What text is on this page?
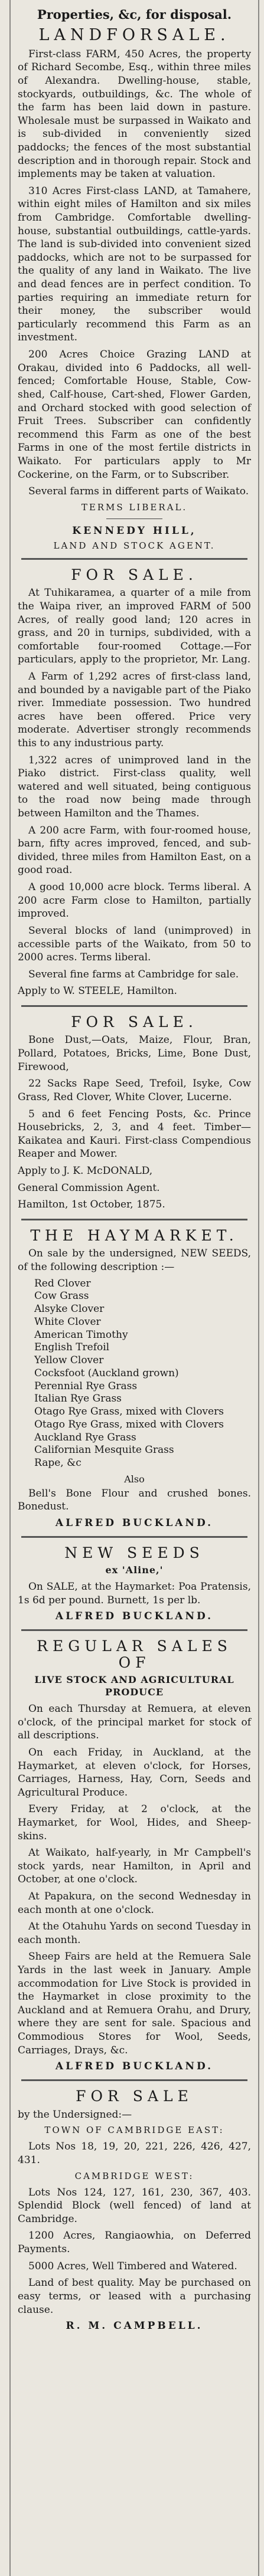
Properties, &c, for disposal.
LANDFORSALE.

First-class FARM, 450 Acres, the property of Richard Secombe, Esq., within three miles of Alexandra. Dwelling-house, stable, stockyards, outbuildings, &c. The whole of the farm has been laid down in pasture. Wholesale must be surpassed in Waikato and is sub-divided in conveniently sized paddocks; the fences of the most substantial description and in thorough repair. Stock and implements may be taken at valuation.

310 Acres First-class LAND, at Tamahere, within eight miles of Hamilton and six miles from Cambridge. Comfortable dwelling-house, substantial outbuildings, cattle-yards. The land is sub-divided into convenient sized paddocks, which are not to be surpassed for the quality of any land in Waikato. The live and dead fences are in perfect condition. To parties requiring an immediate return for their money, the subscriber would particularly recommend this Farm as an investment.

200 Acres Choice Grazing LAND at Orakau, divided into 6 Paddocks, all well-fenced; Comfortable House, Stable, Cow-shed, Calf-house, Cart-shed, Flower Garden, and Orchard stocked with good selection of Fruit Trees. Subscriber can confidently recommend this Farm as one of the best Farms in one of the most fertile districts in Waikato. For particulars apply to Mr Cockerine, on the Farm, or to Subscriber.

Several farms in different parts of Waikato.

TERMS LIBERAL.
KENNEDY HILL,
LAND AND STOCK AGENT.
FOR SALE.

At Tuhikaramea, a quarter of a mile from the Waipa river, an improved FARM of 500 Acres, of really good land; 120 acres in grass, and 20 in turnips, subdivided, with a comfortable four-roomed Cottage.—For particulars, apply to the proprietor, Mr. Lang.

A Farm of 1,292 acres of first-class land, and bounded by a navigable part of the Piako river. Immediate possession. Two hundred acres have been offered. Price very moderate. Advertiser strongly recommends this to any industrious party.

1,322 acres of unimproved land in the Piako district. First-class quality, well watered and well situated, being contiguous to the road now being made through between Hamilton and the Thames.

A 200 acre Farm, with four-roomed house, barn, fifty acres improved, fenced, and sub-divided, three miles from Hamilton East, on a good road.

A good 10,000 acre block. Terms liberal. A 200 acre Farm close to Hamilton, partially improved.

Several blocks of land (unimproved) in accessible parts of the Waikato, from 50 to 2000 acres. Terms liberal.

Several fine farms at Cambridge for sale.

Apply to W. STEELE, Hamilton.

FOR SALE.

Bone Dust,—Oats, Maize, Flour, Bran, Pollard, Potatoes, Bricks, Lime, Bone Dust, Firewood,

22 Sacks Rape Seed, Trefoil, Isyke, Cow Grass, Red Clover, White Clover, Lucerne.

5 and 6 feet Fencing Posts, &c. Prince Housebricks, 2, 3, and 4 feet. Timber—Kaikatea and Kauri. First-class Compendious Reaper and Mower.

Apply to J. K. McDONALD,

General Commission Agent.

Hamilton, 1st October, 1875.

THE HAYMARKET.

On sale by the undersigned, NEW SEEDS, of the following description :—

Red Clover
Cow Grass
Alsyke Clover
White Clover
American Timothy
English Trefoil
Yellow Clover
Cocksfoot (Auckland grown)
Perennial Rye Grass
Italian Rye Grass
Otago Rye Grass, mixed with Clovers
Otago Rye Grass, mixed with Clovers
Auckland Rye Grass
Californian Mesquite Grass
Rape, &c
Also

Bell's Bone Flour and crushed bones. Bonedust.

ALFRED BUCKLAND.
NEW SEEDS
ex 'Aline,'

On SALE, at the Haymarket: Poa Pratensis, 1s 6d per pound. Burnett, 1s per lb.

ALFRED BUCKLAND.
REGULAR SALES OF
LIVE STOCK AND AGRICULTURAL PRODUCE

On each Thursday at Remuera, at eleven o'clock, of the principal market for stock of all descriptions.

On each Friday, in Auckland, at the Haymarket, at eleven o'clock, for Horses, Carriages, Harness, Hay, Corn, Seeds and Agricultural Produce.

Every Friday, at 2 o'clock, at the Haymarket, for Wool, Hides, and Sheep-skins.

At Waikato, half-yearly, in Mr Campbell's stock yards, near Hamilton, in April and October, at one o'clock.

At Papakura, on the second Wednesday in each month at one o'clock.

At the Otahuhu Yards on second Tuesday in each month.

Sheep Fairs are held at the Remuera Sale Yards in the last week in January. Ample accommodation for Live Stock is provided in the Haymarket in close proximity to the Auckland and at Remuera Orahu, and Drury, where they are sent for sale. Spacious and Commodious Stores for Wool, Seeds, Carriages, Drays, &c.

ALFRED BUCKLAND.
FOR SALE

by the Undersigned:—

TOWN OF CAMBRIDGE EAST:

Lots Nos 18, 19, 20, 221, 226, 426, 427, 431.

CAMBRIDGE WEST:

Lots Nos 124, 127, 161, 230, 367, 403. Splendid Block (well fenced) of land at Cambridge.

1200 Acres, Rangiaowhia, on Deferred Payments.

5000 Acres, Well Timbered and Watered.

Land of best quality. May be purchased on easy terms, or leased with a purchasing clause.

R. M. CAMPBELL.
